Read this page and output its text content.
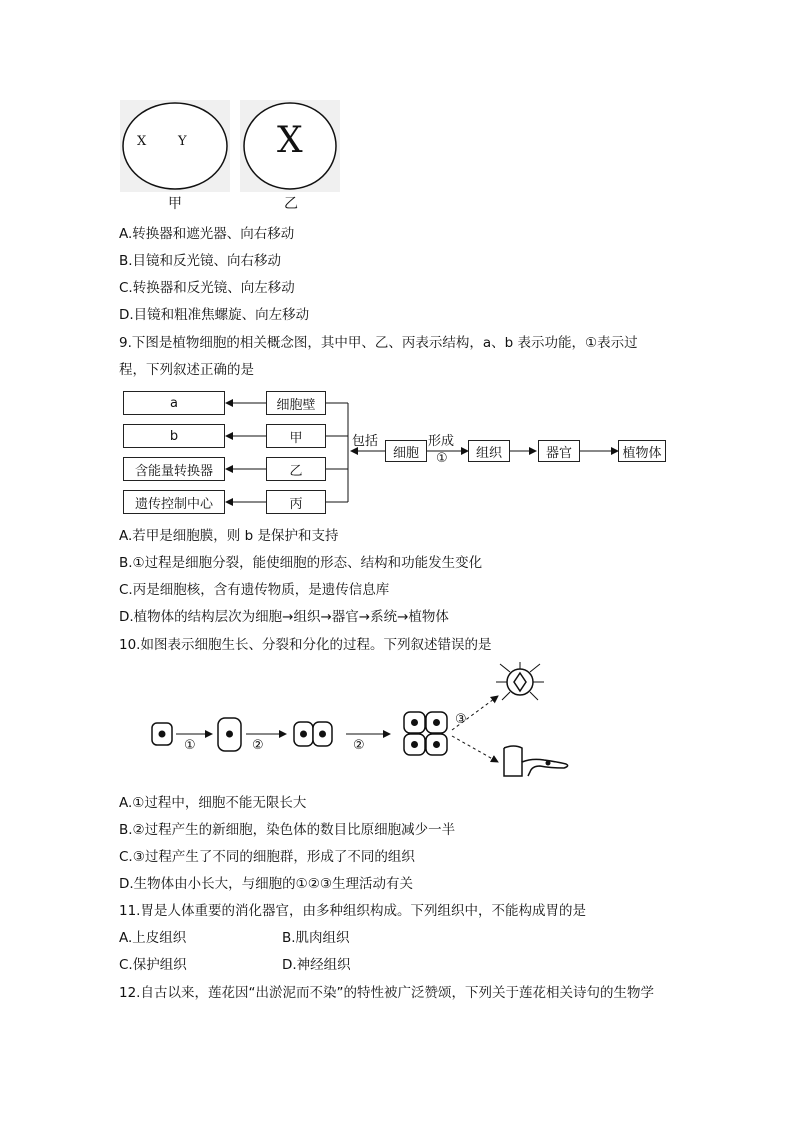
X Y
甲
X
乙
A.转换器和遮光器、向右移动
B.目镜和反光镜、向右移动
C.转换器和反光镜、向左移动
D.目镜和粗准焦螺旋、向左移动
9.下图是植物细胞的相关概念图，其中甲、乙、丙表示结构，a、b 表示功能，①表示过
程，下列叙述正确的是
a
b
含能量转换器
遗传控制中心
细胞壁
甲
乙
丙
包括
细胞
形成
①	组织	器官	植物体
A.若甲是细胞膜，则 b 是保护和支持
B.①过程是细胞分裂，能使细胞的形态、结构和功能发生变化
C.丙是细胞核，含有遗传物质，是遗传信息库
D.植物体的结构层次为细胞→组织→器官→系统→植物体
10.如图表示细胞生长、分裂和分化的过程。下列叙述错误的是
①	②	②
③
A.①过程中，细胞不能无限长大
B.②过程产生的新细胞，染色体的数目比原细胞减少一半
C.③过程产生了不同的细胞群，形成了不同的组织
D.生物体由小长大，与细胞的①②③生理活动有关
11.胃是人体重要的消化器官，由多种组织构成。下列组织中，不能构成胃的是
A.上皮组织	B.肌肉组织
C.保护组织	D.神经组织
12.自古以来，莲花因“出淤泥而不染”的特性被广泛赞颂，下列关于莲花相关诗句的生物学
